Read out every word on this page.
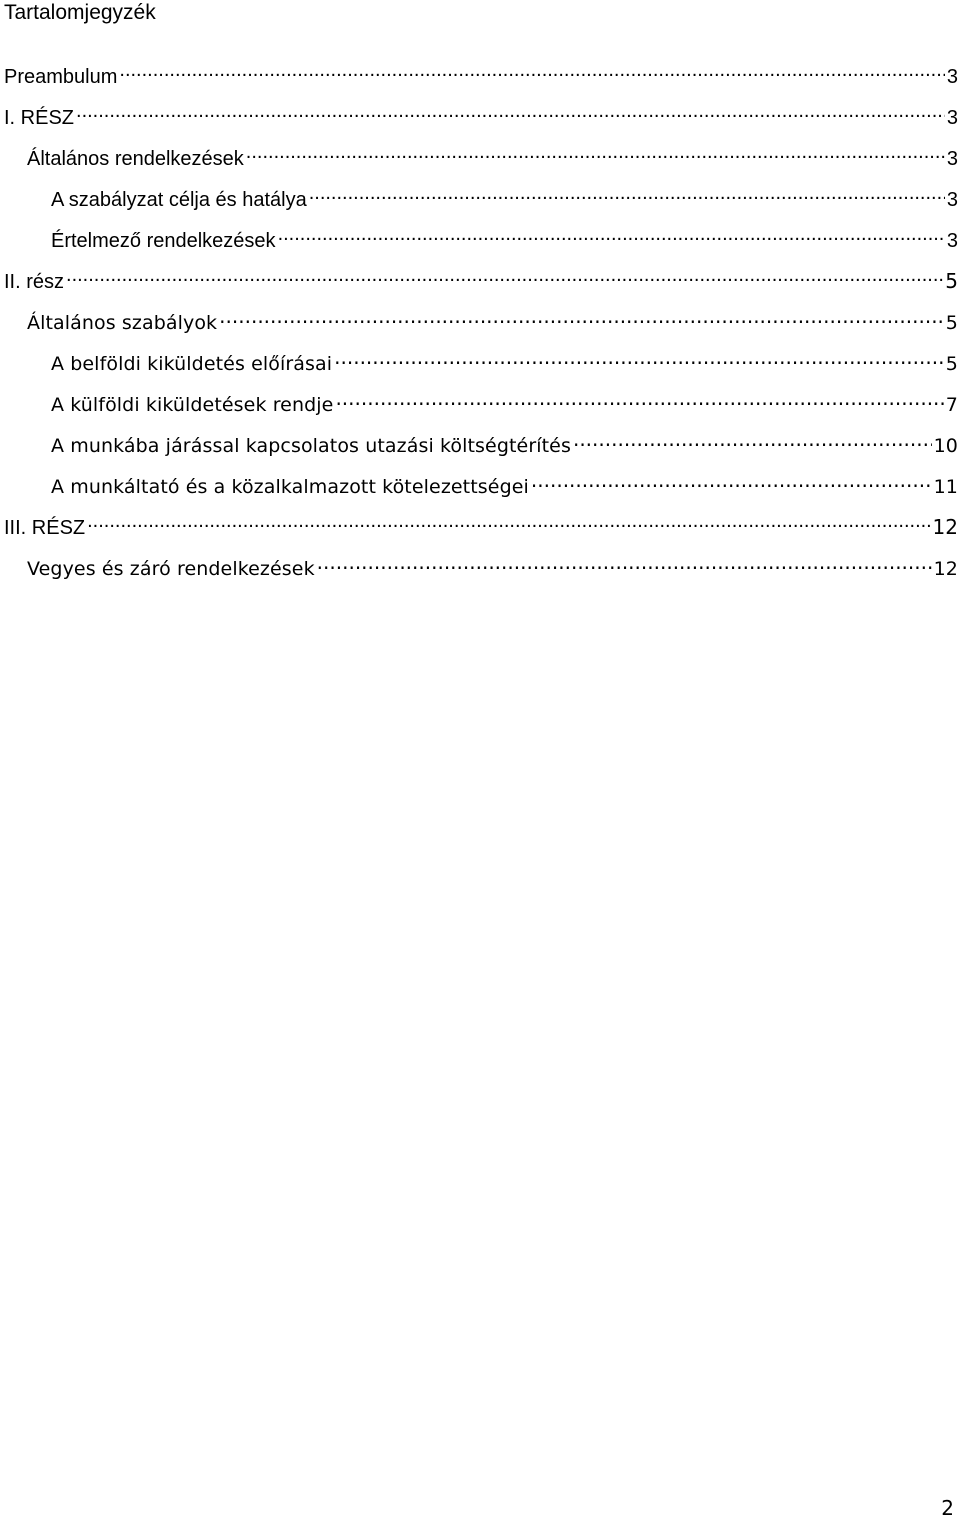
Tartalomjegyzék
Preambulum .....	3
I. RÉSZ .....	3
Általános rendelkezések .....	3
A szabályzat célja és hatálya .....	3
Értelmező rendelkezések .....	3
II. rész .....	5
Általános szabályok .....	5
A belföldi kiküldetés előírásai .....	5
A külföldi kiküldetések rendje .....	7
A munkába járással kapcsolatos utazási költségtérítés .....	10
A munkáltató és a közalkalmazott kötelezettségei .....	11
III. RÉSZ .....	12
Vegyes és záró rendelkezések .....	12
2
